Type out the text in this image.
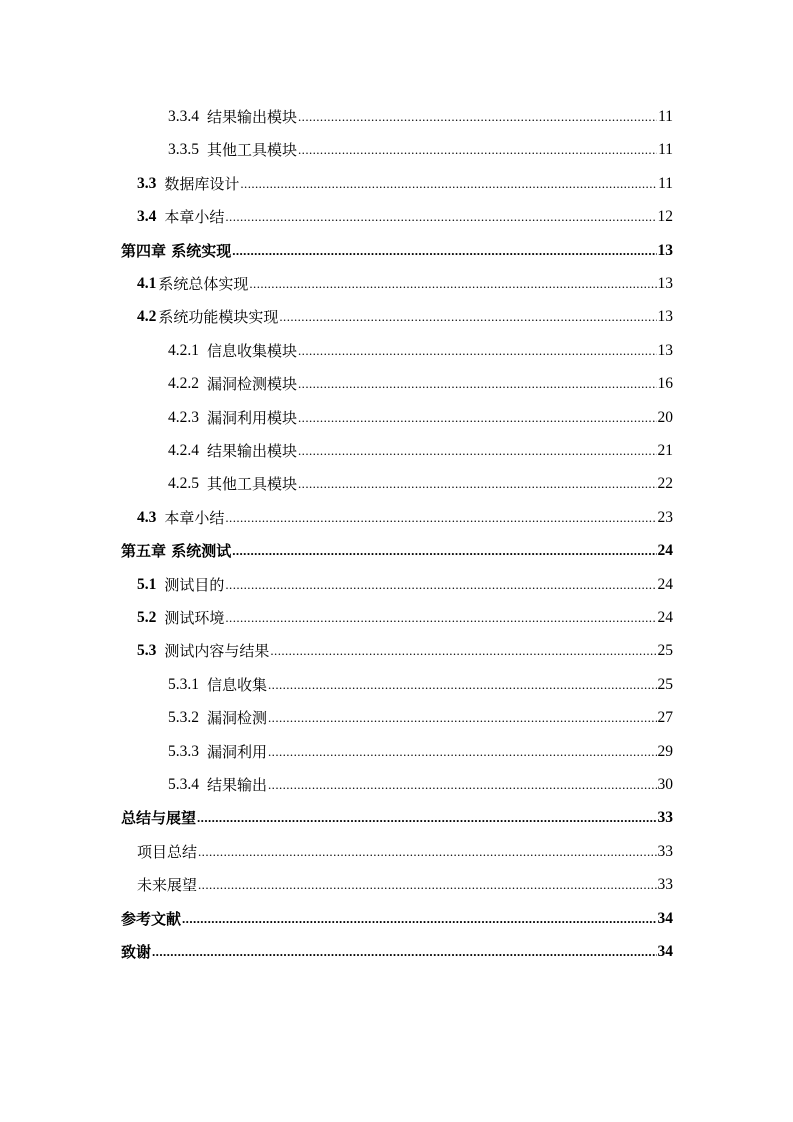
3.3.4 结果输出模块 .....	11
3.3.5 其他工具模块 .....	11
3.3 数据库设计 .....	11
3.4 本章小结 .....	12
第四章 系统实现 .....	13
4.1 系统总体实现 .....	13
4.2 系统功能模块实现 .....	13
4.2.1 信息收集模块 .....	13
4.2.2 漏洞检测模块 .....	16
4.2.3 漏洞利用模块 .....	20
4.2.4 结果输出模块 .....	21
4.2.5 其他工具模块 .....	22
4.3 本章小结 .....	23
第五章 系统测试 .....	24
5.1 测试目的 .....	24
5.2 测试环境 .....	24
5.3 测试内容与结果 .....	25
5.3.1 信息收集 .....	25
5.3.2 漏洞检测 .....	27
5.3.3 漏洞利用 .....	29
5.3.4 结果输出 .....	30
总结与展望 .....	33
项目总结 .....	33
未来展望 .....	33
参考文献 .....	34
致谢 .....	34
